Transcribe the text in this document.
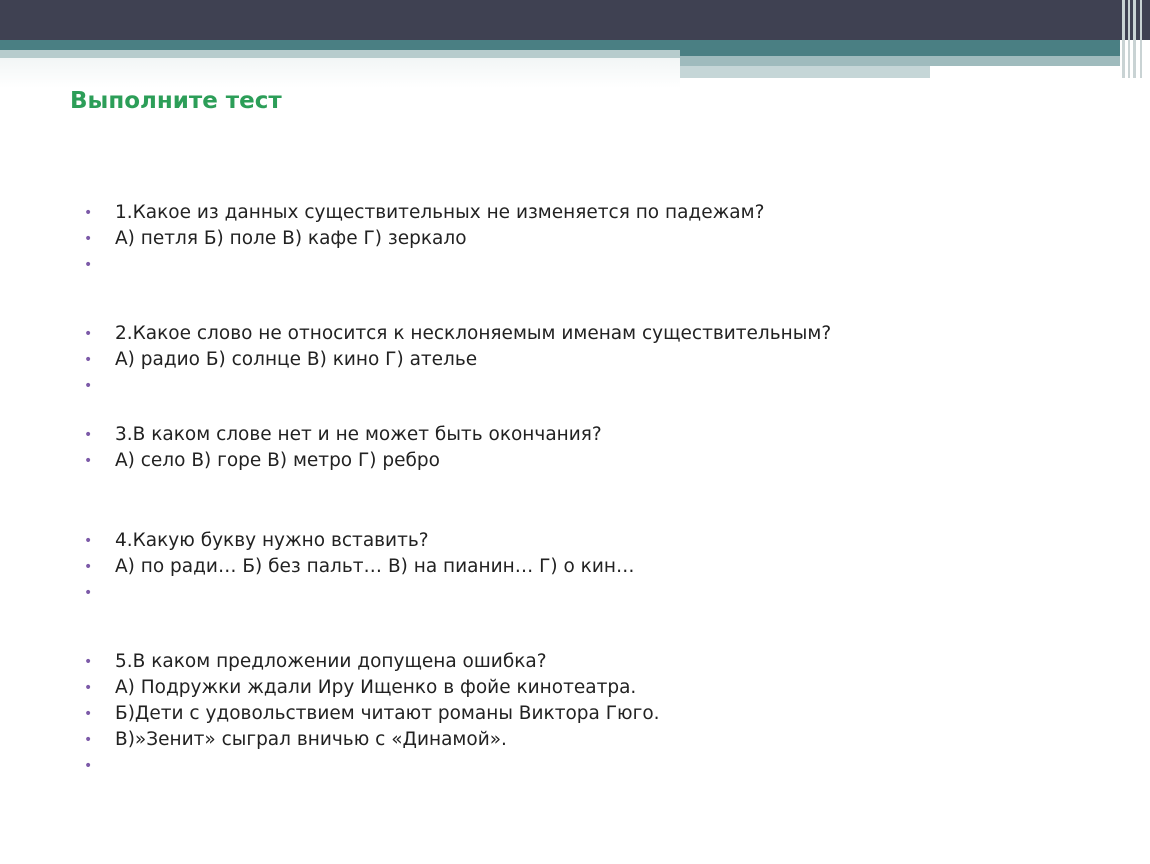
Выполните тест
• 1.Какое из данных существительных не изменяется по падежам?
• А) петля Б) поле В) кафе Г) зеркало
•
• 2.Какое слово не относится к несклоняемым именам существительным?
• А) радио Б) солнце В) кино Г) ателье
•
• 3.В каком слове нет и не может быть окончания?
• А) село В) горе В) метро Г) ребро
• 4.Какую букву нужно вставить?
• А) по ради… Б) без пальт… В) на пианин… Г) о кин…
•
• 5.В каком предложении допущена ошибка?
• А) Подружки ждали Иру Ищенко в фойе кинотеатра.
• Б)Дети с удовольствием читают романы Виктора Гюго.
• В)»Зенит» сыграл вничью с «Динамой».
•
